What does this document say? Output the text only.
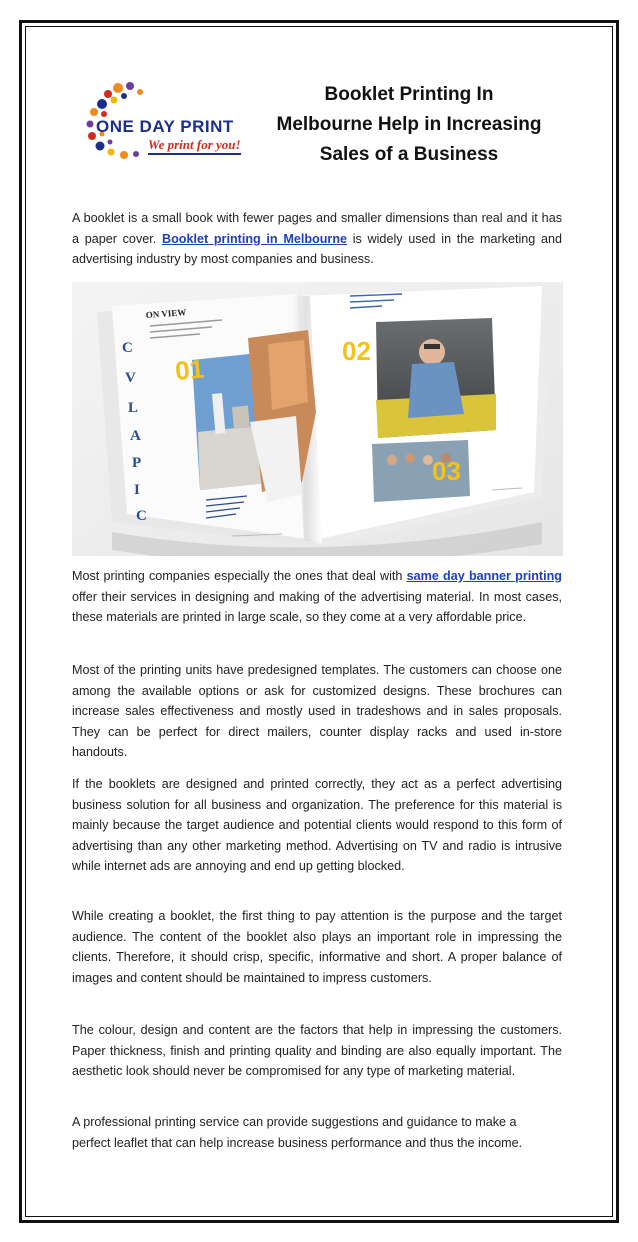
ONE DAY PRINT
We print for you!
Booklet Printing In
Melbourne Help in Increasing
Sales of a Business

A booklet is a small book with fewer pages and smaller dimensions than real and it has a paper cover. Booklet printing in Melbourne is widely used in the marketing and advertising industry by most companies and business.

ON VIEW
C
V
L
A
P
I
C
01
02
03

Most printing companies especially the ones that deal with same day banner printing offer their services in designing and making of the advertising material. In most cases, these materials are printed in large scale, so they come at a very affordable price.

Most of the printing units have predesigned templates. The customers can choose one among the available options or ask for customized designs. These brochures can increase sales effectiveness and mostly used in tradeshows and in sales proposals. They can be perfect for direct mailers, counter display racks and used in-store handouts.

If the booklets are designed and printed correctly, they act as a perfect advertising business solution for all business and organization. The preference for this material is mainly because the target audience and potential clients would respond to this form of advertising than any other marketing method. Advertising on TV and radio is intrusive while internet ads are annoying and end up getting blocked.

While creating a booklet, the first thing to pay attention is the purpose and the target audience. The content of the booklet also plays an important role in impressing the clients. Therefore, it should crisp, specific, informative and short. A proper balance of images and content should be maintained to impress customers.

The colour, design and content are the factors that help in impressing the customers. Paper thickness, finish and printing quality and binding are also equally important. The aesthetic look should never be compromised for any type of marketing material.

A professional printing service can provide suggestions and guidance to make a
perfect leaflet that can help increase business performance and thus the income.
